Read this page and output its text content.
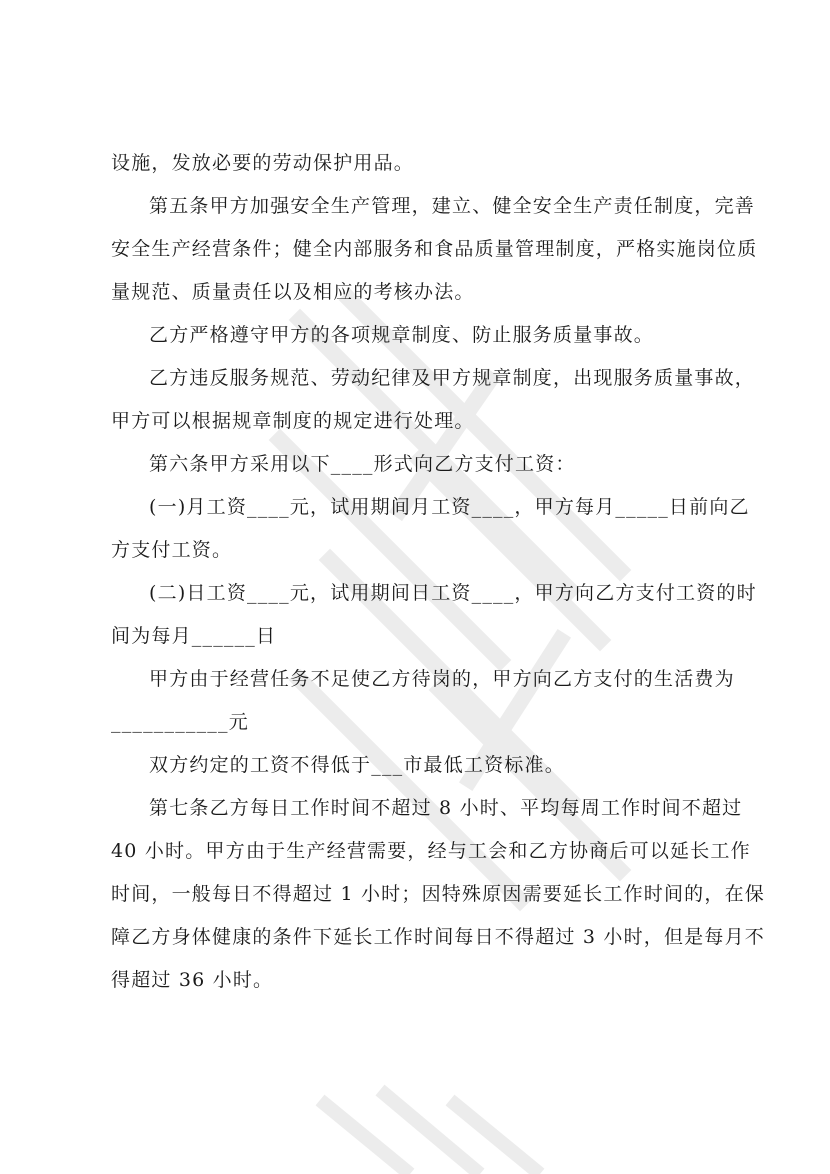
设施，发放必要的劳动保护用品。
第五条甲方加强安全生产管理，建立、健全安全生产责任制度，完善
安全生产经营条件；健全内部服务和食品质量管理制度，严格实施岗位质
量规范、质量责任以及相应的考核办法。
乙方严格遵守甲方的各项规章制度、防止服务质量事故。
乙方违反服务规范、劳动纪律及甲方规章制度，出现服务质量事故，
甲方可以根据规章制度的规定进行处理。
第六条甲方采用以下____形式向乙方支付工资：
(一)月工资____元，试用期间月工资____，甲方每月_____日前向乙
方支付工资。
(二)日工资____元，试用期间日工资____，甲方向乙方支付工资的时
间为每月______日
甲方由于经营任务不足使乙方待岗的，甲方向乙方支付的生活费为
___________元
双方约定的工资不得低于___市最低工资标准。
第七条乙方每日工作时间不超过 8 小时、平均每周工作时间不超过
40 小时。甲方由于生产经营需要，经与工会和乙方协商后可以延长工作
时间，一般每日不得超过 1 小时；因特殊原因需要延长工作时间的，在保
障乙方身体健康的条件下延长工作时间每日不得超过 3 小时，但是每月不
得超过 36 小时。
